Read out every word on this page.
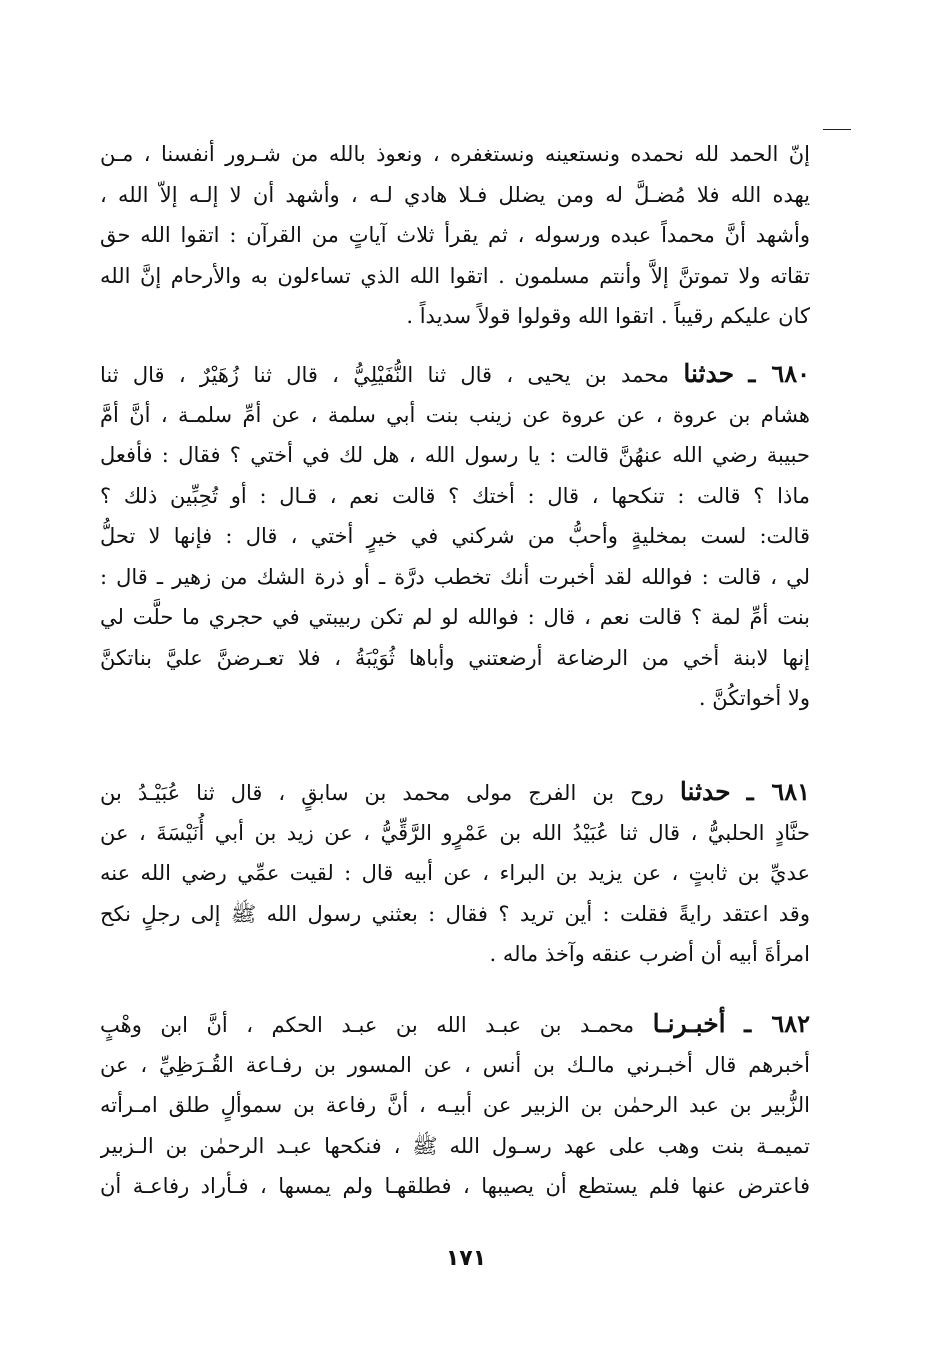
إنّ الحمد لله نحمده ونستعينه ونستغفره ، ونعوذ بالله من شـرور أنفسنا ، مـن
يهده الله فلا مُضـلَّ له ومن يضلل فـلا هادي لـه ، وأشهد أن لا إلـه إلاّ الله ،
وأشهد أنَّ محمداً عبده ورسوله ، ثم يقرأ ثلاث آياتٍ من القرآن : اتقوا الله حق
تقاته ولا تموتنَّ إلاَّ وأنتم مسلمون . اتقوا الله الذي تساءلون به والأرحام إنَّ الله
كان عليكم رقيباً . اتقوا الله وقولوا قولاً سديداً .
٦٨٠ ـ حدثنا محمد بن يحيى ، قال ثنا النُّفَيْلِيُّ ، قال ثنا زُهَيْرٌ ، قال ثنا
هشام بن عروة ، عن عروة عن زينب بنت أبي سلمة ، عن أمِّ سلمـة ، أنَّ أمَّ
حبيبة رضي الله عنهُنَّ قالت : يا رسول الله ، هل لك في أختي ؟ فقال : فأفعل
ماذا ؟ قالت : تنكحها ، قال : أختك ؟ قالت نعم ، قـال : أو تُحِبِّين ذلك ؟
قالت: لست بمخليةٍ وأحبُّ من شركني في خيرٍ أختي ، قال : فإنها لا تحلُّ
لي ، قالت : فوالله لقد أخبرت أنك تخطب درَّة ـ أو ذرة الشك من زهير ـ قال :
بنت أمِّ لمة ؟ قالت نعم ، قال : فوالله لو لم تكن ربيبتي في حجري ما حلَّت لي
إنها لابنة أخي من الرضاعة أرضعتني وأباها ثُوَيْبَةُ ، فلا تعـرضنَّ عليَّ بناتكنَّ
ولا أخواتكُنَّ .
٦٨١ ـ حدثنا روح بن الفرج مولى محمد بن سابقٍ ، قال ثنا عُبَيْـدُ بن
حنَّادٍ الحلبيُّ ، قال ثنا عُبَيْدُ الله بن عَمْرٍو الرَّقِّيُّ ، عن زيد بن أبي أُنَيْسَةَ ، عن
عديِّ بن ثابتٍ ، عن يزيد بن البراء ، عن أبيه قال : لقيت عمِّي رضي الله عنه
وقد اعتقد رايةً فقلت : أين تريد ؟ فقال : بعثني رسول الله ﷺ إلى رجلٍ نكح
امرأةَ أبيه أن أضرب عنقه وآخذ ماله .
٦٨٢ ـ أخبـرنـا محمـد بن عبـد الله بن عبـد الحكم ، أنَّ ابن وهْبٍ
أخبرهم قال أخبـرني مالـك بن أنس ، عن المسور بن رفـاعة القُـرَظِيِّ ، عن
الزُّبير بن عبد الرحمٰن بن الزبير عن أبيـه ، أنَّ رفاعة بن سموألٍ طلق امـرأته
تميمـة بنت وهب على عهد رسـول الله ﷺ ، فنكحها عبـد الرحمٰن بن الـزبير
فاعترض عنها فلم يستطع أن يصيبها ، فطلقهـا ولم يمسها ، فـأراد رفاعـة أن
١٧١
